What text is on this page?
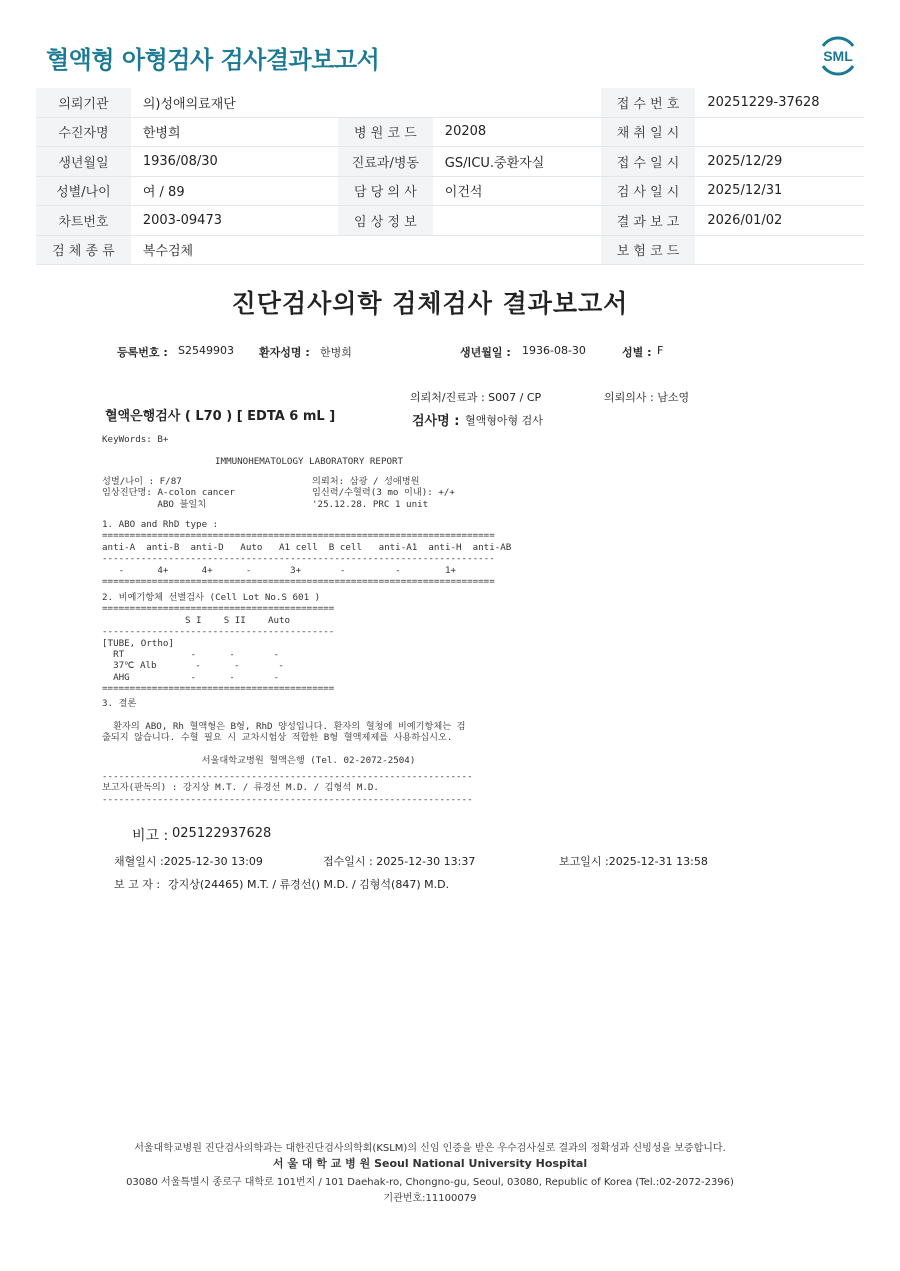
혈액형 아형검사 검사결과보고서	SML
의뢰기관	의)성애의료재단			접 수 번 호	20251229-37628
수진자명	한병희	병 원 코 드	20208	채 취 일 시	
생년월일	1936/08/30	진료과/병동	GS/ICU.중환자실	접 수 일 시	2025/12/29
성별/나이	여 / 89	담 당 의 사	이건석	검 사 일 시	2025/12/31
차트번호	2003-09473	임 상 정 보		결 과 보 고	2026/01/02
검 체 종 류	복수검체			보 험 코 드	
진단검사의학 검체검사 결과보고서
등록번호 : S2549903 환자성명 : 한병희	생년월일 : 1936-08-30	성별 : F
의뢰처/진료과 : S007 / CP	의뢰의사 : 남소영
혈액은행검사 ( L70 ) [ EDTA 6 mL ]	검사명 : 혈액형아형 검사
KeyWords: B+
IMMUNOHEMATOLOGY LABORATORY REPORT
성별/나이 : F/87
임상진단명: A-colon cancer
ABO 불일치
의뢰처: 삼광 / 성애병원
임신력/수혈력(3 mo 이내): +/+
'25.12.28. PRC 1 unit
1. ABO and RhD type :
=======================================================================
anti-A  anti-B  anti-D   Auto   A1 cell  B cell   anti-A1  anti-H  anti-AB
-----------------------------------------------------------------------
-      4+      4+      -       3+       -         -        1+
=======================================================================
2. 비예기항체 선별검사 (Cell Lot No.S 601 )
==========================================
S I    S II    Auto
------------------------------------------
[TUBE, Ortho]
RT            -      -       -
37℃ Alb       -      -       -
AHG           -      -       -
==========================================
3. 결론

환자의 ABO, Rh 혈액형은 B형, RhD 양성입니다. 환자의 혈청에 비예기항체는 검
출되지 않습니다. 수혈 필요 시 교차시험상 적합한 B형 혈액제제를 사용하십시오.

서울대학교병원 혈액은행 (Tel. 02-2072-2504)
-------------------------------------------------------------------
보고자(판독의) : 강지상 M.T. / 류경선 M.D. / 김형석 M.D.
-------------------------------------------------------------------
비고 : 025122937628
채혈일시 :2025-12-30 13:09	접수일시 : 2025-12-30 13:37	보고일시 :2025-12-31 13:58
보 고 자 : 강지상(24465) M.T. / 류경선() M.D. / 김형석(847) M.D.
서울대학교병원 진단검사의학과는 대한진단검사의학회(KSLM)의 신임 인증을 받은 우수검사실로 결과의 정확성과 신빙성을 보증합니다.
서 울 대 학 교 병 원 Seoul National University Hospital
03080 서울특별시 종로구 대학로 101번지 / 101 Daehak-ro, Chongno-gu, Seoul, 03080, Republic of Korea (Tel.:02-2072-2396)
기관번호:11100079
